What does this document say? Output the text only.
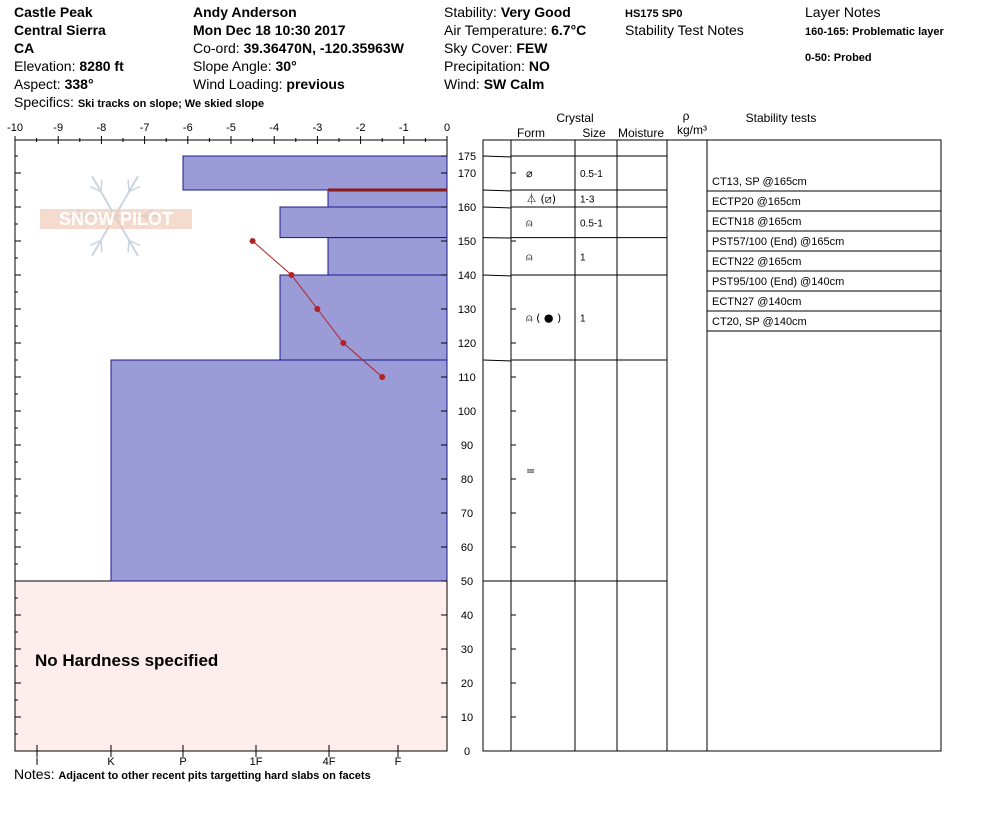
Castle Peak
Central Sierra
CA
Elevation: 8280 ft
Aspect: 338°
Specifics: Ski tracks on slope; We skied slope
Andy Anderson
Mon Dec 18 10:30 2017
Co-ord: 39.36470N, -120.35963W
Slope Angle: 30°
Wind Loading: previous
Stability: Very Good
Air Temperature: 6.7°C
Sky Cover: FEW
Precipitation: NO
Wind: SW Calm
HS175 SP0
Stability Test Notes
Layer Notes
160-165: Problematic layer
0-50: Probed
Notes: Adjacent to other recent pits targetting hard slabs on facets
No Hardness specified
SNOW PILOT
-10	-9	-8	-7	-6	-5	-4	-3	-2	-1	0
I	K	P	1F	4F	F
175
170
160
150
140
130
120
110
100
90
80
70
60
50
40
30
20
10
0
Crystal
Form	Size Moisture
ρ
kg/m³
Stability tests
⌀	0.5-1
⏃ (⧄) 1-3
⍝	0.5-1
⍝	1
⍝ ( ● ) 1
=
CT13, SP @165cm
ECTP20 @165cm
ECTN18 @165cm
PST57/100 (End) @165cm
ECTN22 @165cm
PST95/100 (End) @140cm
ECTN27 @140cm
CT20, SP @140cm
